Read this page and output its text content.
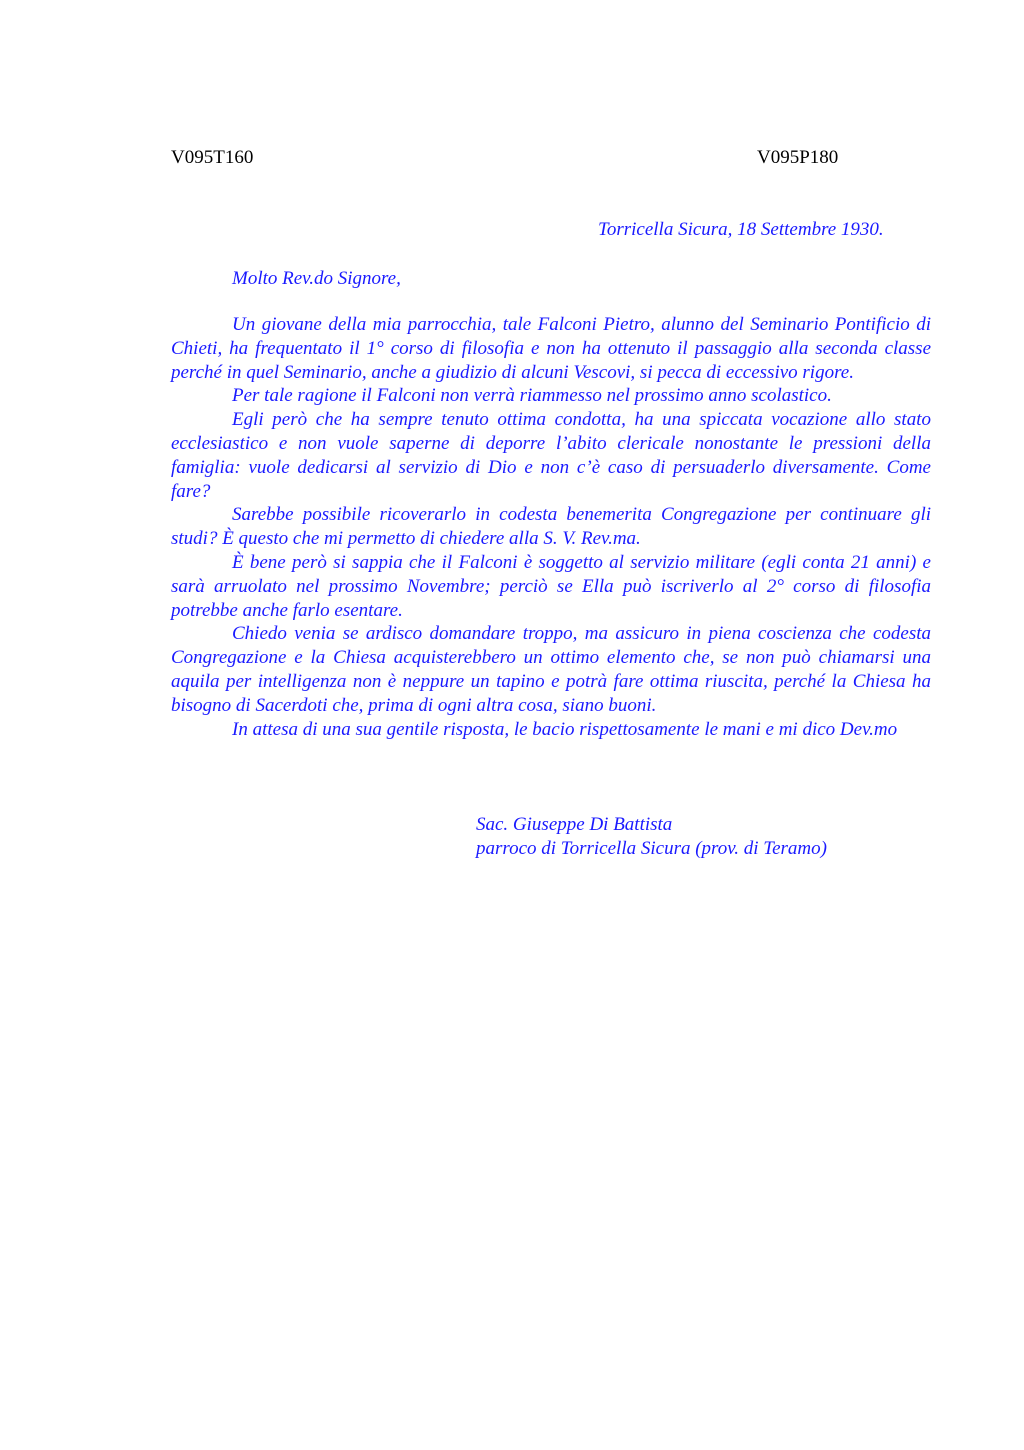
V095T160	V095P180
Torricella Sicura, 18 Settembre 1930.
Molto Rev.do Signore,

Un giovane della mia parrocchia, tale Falconi Pietro, alunno del Seminario Pontificio di Chieti, ha frequentato il 1° corso di filosofia e non ha ottenuto il passaggio alla seconda classe perché in quel Seminario, anche a giudizio di alcuni Vescovi, si pecca di eccessivo rigore.

Per tale ragione il Falconi non verrà riammesso nel prossimo anno scolastico.

Egli però che ha sempre tenuto ottima condotta, ha una spiccata vocazione allo stato ecclesiastico e non vuole saperne di deporre l’abito clericale nonostante le pressioni della famiglia: vuole dedicarsi al servizio di Dio e non c’è caso di persuaderlo diversamente. Come fare?

Sarebbe possibile ricoverarlo in codesta benemerita Congregazione per continuare gli studi? È questo che mi permetto di chiedere alla S. V. Rev.ma.

È bene però si sappia che il Falconi è soggetto al servizio militare (egli conta 21 anni) e sarà arruolato nel prossimo Novembre; perciò se Ella può iscriverlo al 2° corso di filosofia potrebbe anche farlo esentare.

Chiedo venia se ardisco domandare troppo, ma assicuro in piena coscienza che codesta Congregazione e la Chiesa acquisterebbero un ottimo elemento che, se non può chiamarsi una aquila per intelligenza non è neppure un tapino e potrà fare ottima riuscita, perché la Chiesa ha bisogno di Sacerdoti che, prima di ogni altra cosa, siano buoni.

In attesa di una sua gentile risposta, le bacio rispettosamente le mani e mi dico Dev.mo

Sac. Giuseppe Di Battista
parroco di Torricella Sicura (prov. di Teramo)
